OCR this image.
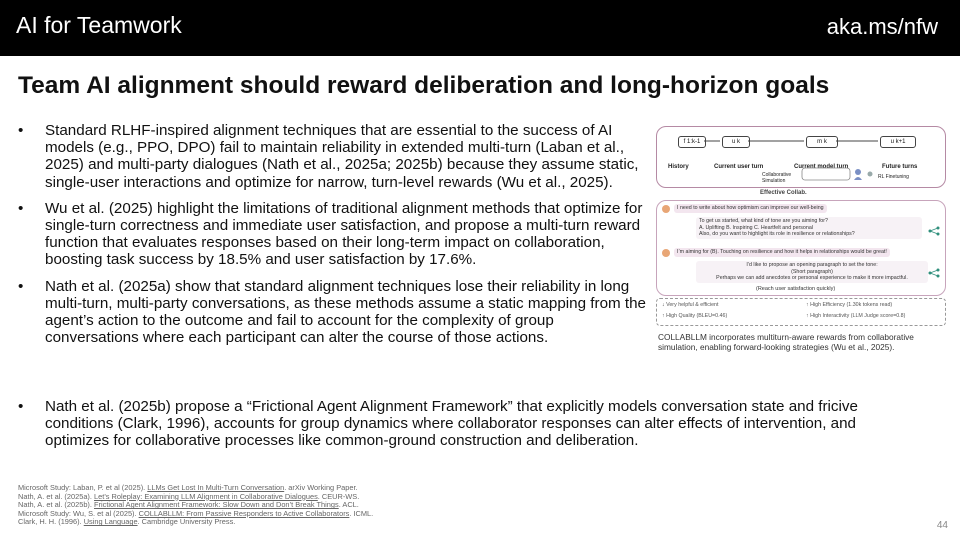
AI for Teamwork	aka.ms/nfw
Team AI alignment should reward deliberation and long-horizon goals
• Standard RLHF-inspired alignment techniques that are essential to the success of AI models (e.g., PPO, DPO) fail to maintain reliability in extended multi-turn (Laban et al., 2025) and multi-party dialogues (Nath et al., 2025a; 2025b) because they assume static, single-user interactions and optimize for narrow, turn-level rewards (Wu et al., 2025).
• Wu et al. (2025) highlight the limitations of traditional alignment methods that optimize for single-turn correctness and immediate user satisfaction, and propose a multi-turn reward function that evaluates responses based on their long-term impact on collaboration, boosting task success by 18.5% and user satisfaction by 17.6%.
• Nath et al. (2025a) show that standard alignment techniques lose their reliability in long multi-turn, multi-party conversations, as these methods assume a static mapping from the agent’s action to the outcome and fail to account for the complexity of group conversations where each participant can alter the course of those actions.
• Nath et al. (2025b) propose a “Frictional Agent Alignment Framework” that explicitly models conversation state and fricive conditions (Clark, 1996), accounts for group dynamics where collaborator responses can alter effects of intervention, and optimizes for collaborative processes like common-ground construction and deliberation.
f 1:k-1	u k	m k	u k+1
History	Current user turn	Current model turn	Future turns
Collaborative Simulation
RL Finetuning
Effective Collab.
I need to write about how optimism can improve our well-being
To get us started, what kind of tone are you aiming for?
A. Uplifting B. Inspiring C. Heartfelt and personal
Also, do you want to highlight its role in resilience or relationships?
I’m aiming for (B). Touching on resilience and how it helps in relationships would be great!
I’d like to propose an opening paragraph to set the tone:
(Short paragraph)
Perhaps we can add anecdotes or personal experience to make it more impactful.
(Reach user satisfaction quickly)
↓ Very helpful & efficient	↑ High Efficiency (1.30k tokens read)
↑ High Quality (BLEU=0.46)	↑ High Interactivity (LLM Judge score=0.8)
COLLABLLM incorporates multiturn-aware rewards from collaborative simulation, enabling forward-looking strategies (Wu et al., 2025).
Microsoft Study: Laban, P. et al (2025). LLMs Get Lost In Multi-Turn Conversation. arXiv Working Paper.
Nath, A. et al. (2025a). Let’s Roleplay: Examining LLM Alignment in Collaborative Dialogues. CEUR-WS.
Nath, A. et al. (2025b). Frictional Agent Alignment Framework: Slow Down and Don’t Break Things. ACL.
Microsoft Study: Wu, S. et al (2025). COLLABLLM: From Passive Responders to Active Collaborators. ICML.
Clark, H. H. (1996). Using Language. Cambridge University Press.	44
